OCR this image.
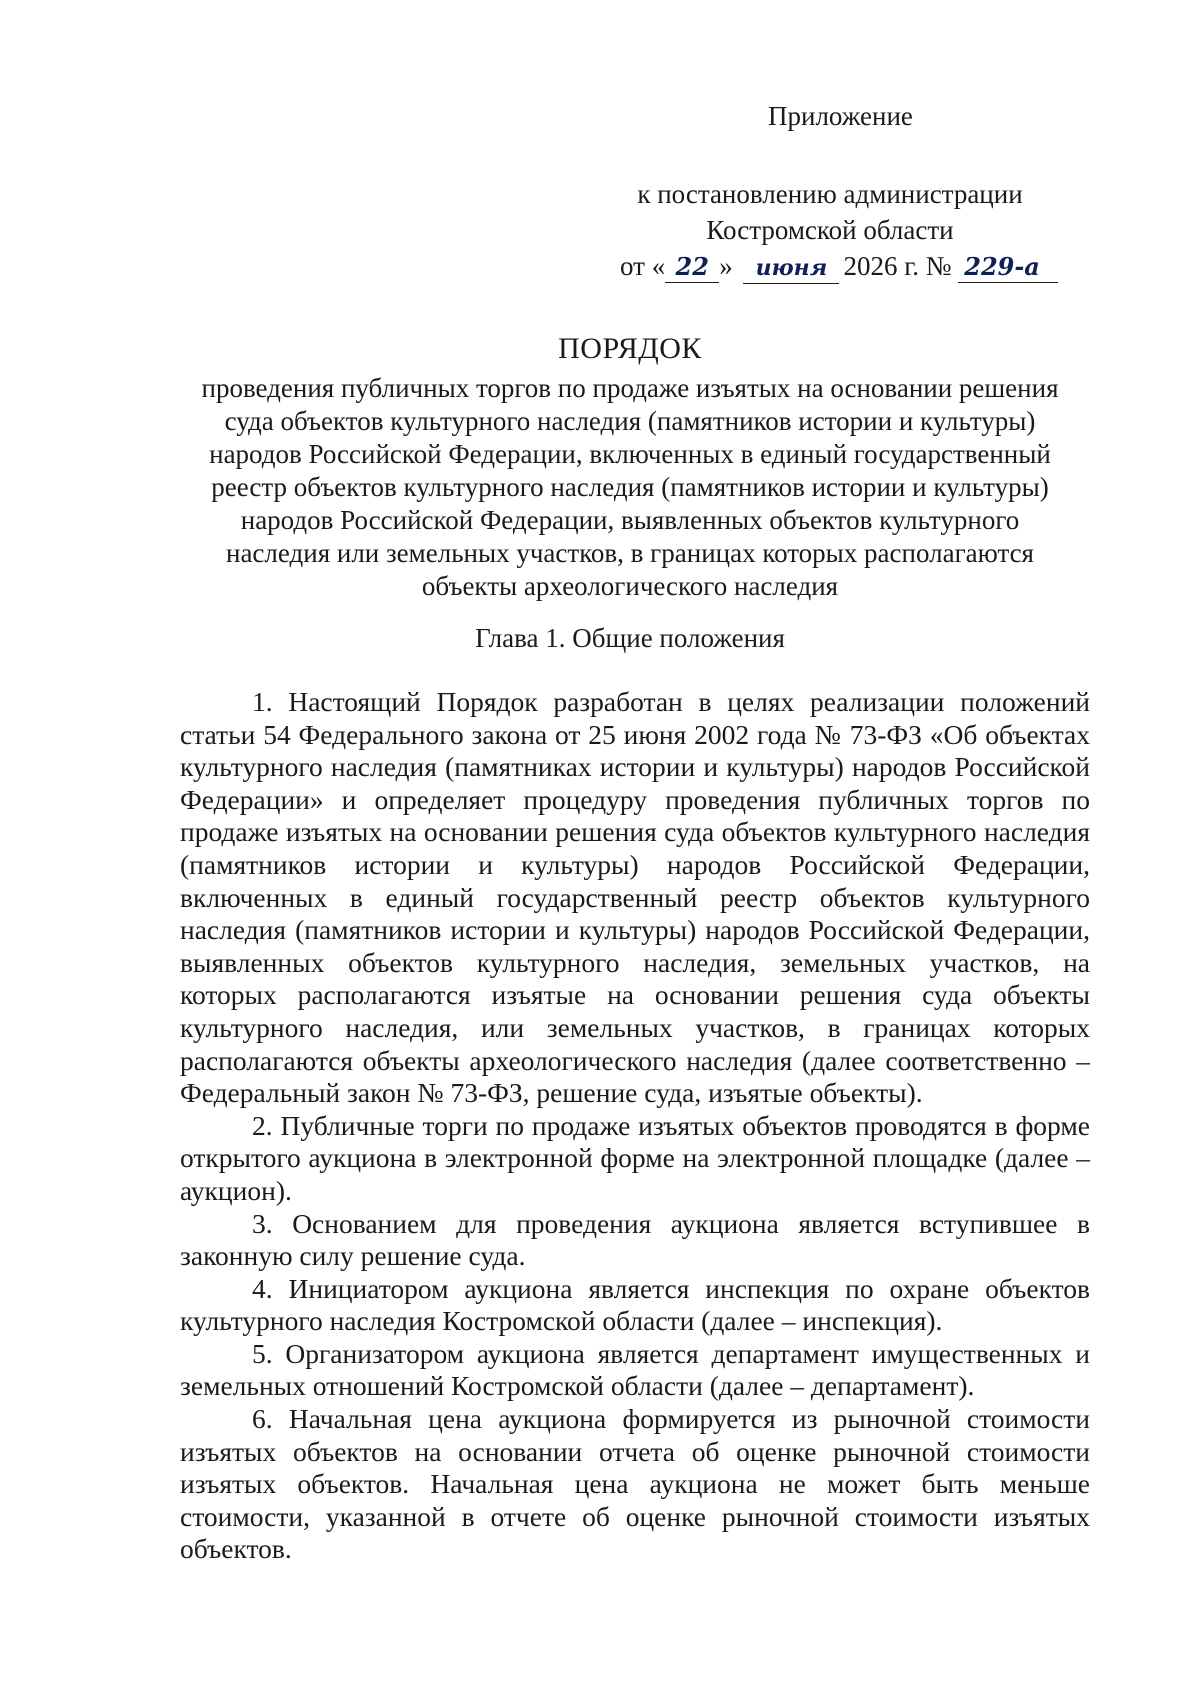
Приложение
к постановлению администрации
Костромской области
от « 22 » июня 2026 г. № 229-а
ПОРЯДОК
проведения публичных торгов по продаже изъятых на основании решения
суда объектов культурного наследия (памятников истории и культуры)
народов Российской Федерации, включенных в единый государственный
реестр объектов культурного наследия (памятников истории и культуры)
народов Российской Федерации, выявленных объектов культурного
наследия или земельных участков, в границах которых располагаются
объекты археологического наследия
Глава 1. Общие положения

1. Настоящий Порядок разработан в целях реализации положений статьи 54 Федерального закона от 25 июня 2002 года № 73-ФЗ «Об объектах культурного наследия (памятниках истории и культуры) народов Российской Федерации» и определяет процедуру проведения публичных торгов по продаже изъятых на основании решения суда объектов культурного наследия (памятников истории и культуры) народов Российской Федерации, включенных в единый государственный реестр объектов культурного наследия (памятников истории и культуры) народов Российской Федерации, выявленных объектов культурного наследия, земельных участков, на которых располагаются изъятые на основании решения суда объекты культурного наследия, или земельных участков, в границах которых располагаются объекты археологического наследия (далее соответственно – Федеральный закон № 73-ФЗ, решение суда, изъятые объекты).

2. Публичные торги по продаже изъятых объектов проводятся в форме открытого аукциона в электронной форме на электронной площадке (далее – аукцион).

3. Основанием для проведения аукциона является вступившее в законную силу решение суда.

4. Инициатором аукциона является инспекция по охране объектов культурного наследия Костромской области (далее – инспекция).

5. Организатором аукциона является департамент имущественных и земельных отношений Костромской области (далее – департамент).

6. Начальная цена аукциона формируется из рыночной стоимости изъятых объектов на основании отчета об оценке рыночной стоимости изъятых объектов. Начальная цена аукциона не может быть меньше стоимости, указанной в отчете об оценке рыночной стоимости изъятых объектов.
